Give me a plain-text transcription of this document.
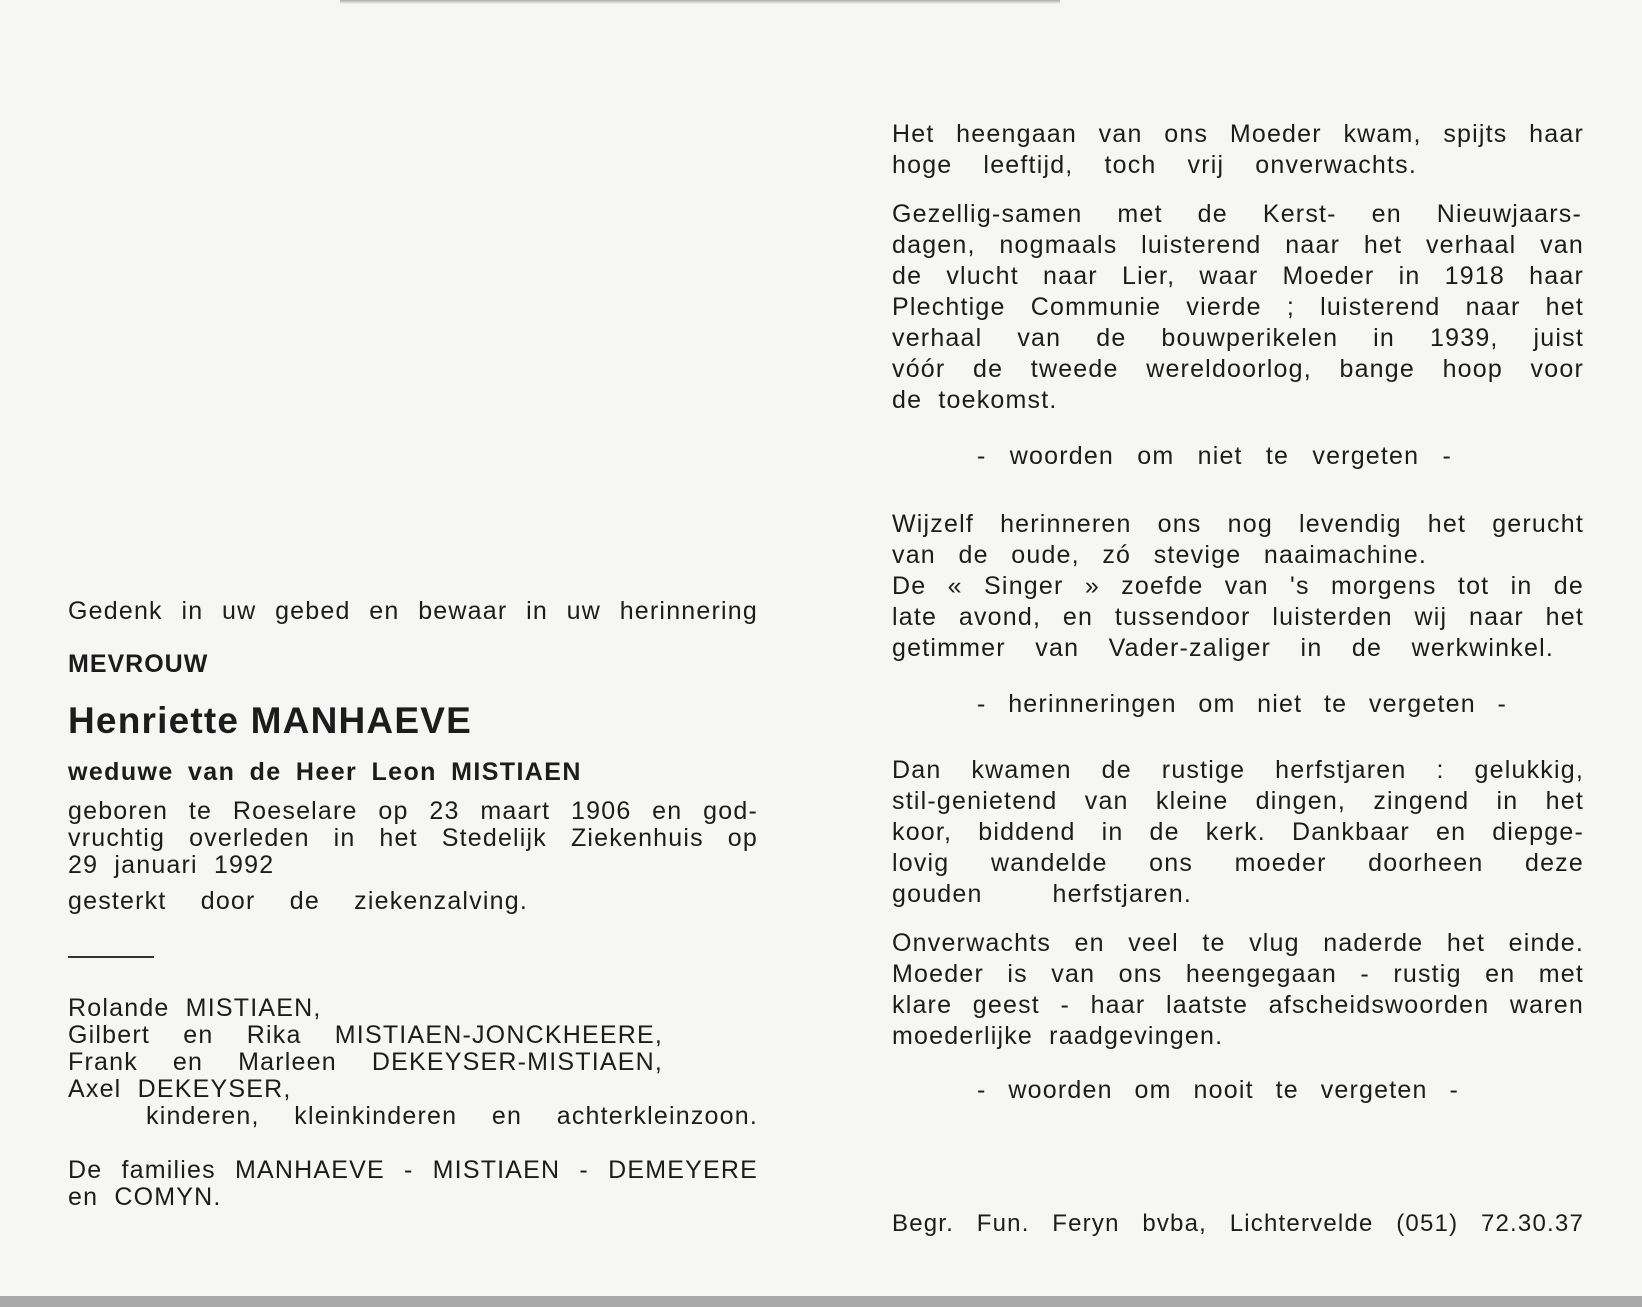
Gedenk in uw gebed en bewaar in uw herinnering
MEVROUW
Henriette MANHAEVE
weduwe van de Heer Leon MISTIAEN
geboren te Roeselare op 23 maart 1906 en god-
vruchtig overleden in het Stedelijk Ziekenhuis op
29 januari 1992
gesterkt door de ziekenzalving.
Rolande MISTIAEN,
Gilbert en Rika MISTIAEN-JONCKHEERE,
Frank en Marleen DEKEYSER-MISTIAEN,
Axel DEKEYSER,
kinderen, kleinkinderen en achterkleinzoon.
De families MANHAEVE - MISTIAEN - DEMEYERE
en COMYN.
Het heengaan van ons Moeder kwam, spijts haar
hoge leeftijd, toch vrij onverwachts.
Gezellig-samen met de Kerst- en Nieuwjaars-
dagen, nogmaals luisterend naar het verhaal van
de vlucht naar Lier, waar Moeder in 1918 haar
Plechtige Communie vierde ; luisterend naar het
verhaal van de bouwperikelen in 1939, juist
vóór de tweede wereldoorlog, bange hoop voor
de toekomst.
- woorden om niet te vergeten -
Wijzelf herinneren ons nog levendig het gerucht
van de oude, zó stevige naaimachine.
De « Singer » zoefde van 's morgens tot in de
late avond, en tussendoor luisterden wij naar het
getimmer van Vader-zaliger in de werkwinkel.
- herinneringen om niet te vergeten -
Dan kwamen de rustige herfstjaren : gelukkig,
stil-genietend van kleine dingen, zingend in het
koor, biddend in de kerk. Dankbaar en diepge-
lovig wandelde ons moeder doorheen deze
gouden herfstjaren.
Onverwachts en veel te vlug naderde het einde.
Moeder is van ons heengegaan - rustig en met
klare geest - haar laatste afscheidswoorden waren
moederlijke raadgevingen.
- woorden om nooit te vergeten -
Begr. Fun. Feryn bvba, Lichtervelde (051) 72.30.37
